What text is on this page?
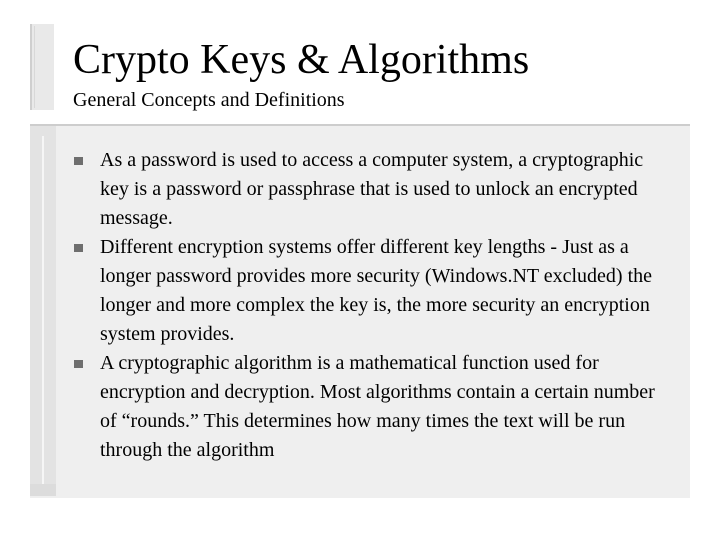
Crypto Keys & Algorithms
General Concepts and Definitions
As a password is used to access a computer system, a cryptographic key is a password or passphrase that is used to unlock an encrypted message.
Different encryption systems offer different key lengths - Just as a longer password provides more security (Windows.NT excluded) the longer and more complex the key is, the more security an encryption system provides.
A cryptographic algorithm is a mathematical function used for encryption and decryption. Most algorithms contain a certain number of “rounds.” This determines how many times the text will be run through the algorithm
